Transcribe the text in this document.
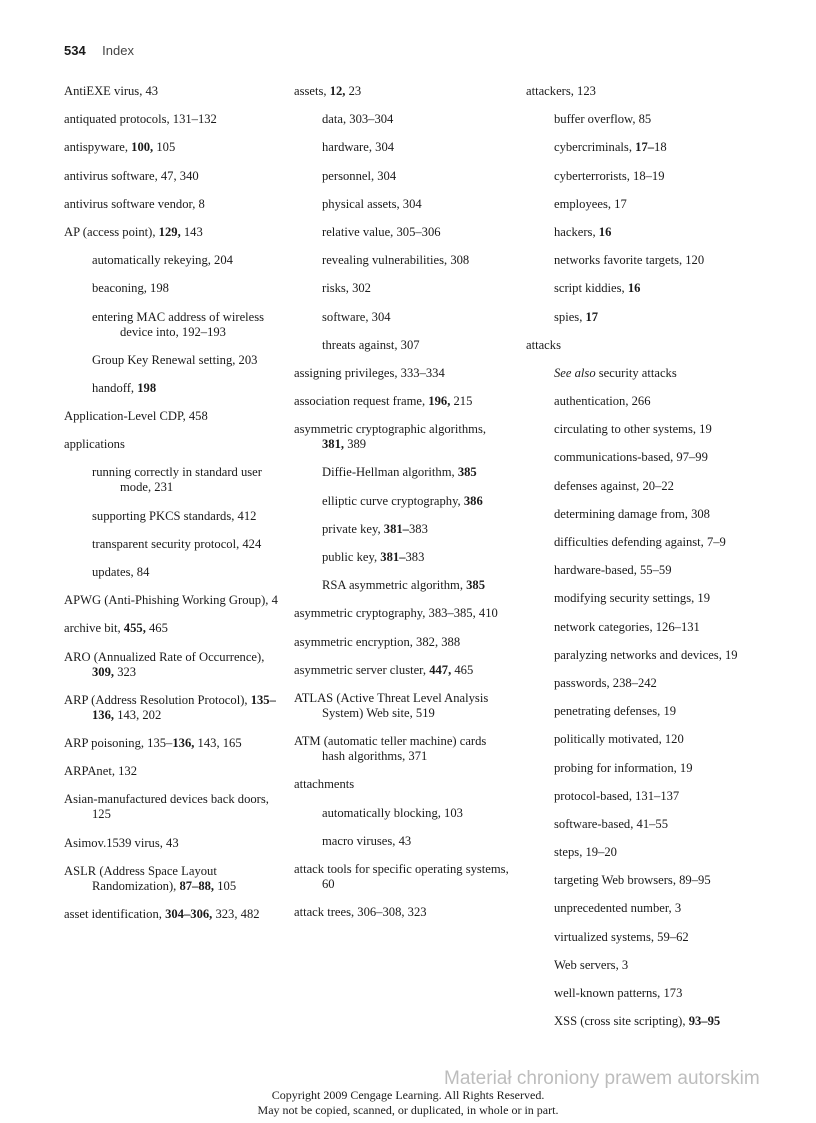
534 Index
AntiEXE virus, 43
antiquated protocols, 131–132
antispyware, 100, 105
antivirus software, 47, 340
antivirus software vendor, 8
AP (access point), 129, 143
automatically rekeying, 204
beaconing, 198
entering MAC address of wireless device into, 192–193
Group Key Renewal setting, 203
handoff, 198
Application-Level CDP, 458
applications
running correctly in standard user mode, 231
supporting PKCS standards, 412
transparent security protocol, 424
updates, 84
APWG (Anti-Phishing Working Group), 4
archive bit, 455, 465
ARO (Annualized Rate of Occurrence), 309, 323
ARP (Address Resolution Protocol), 135–136, 143, 202
ARP poisoning, 135–136, 143, 165
ARPAnet, 132
Asian-manufactured devices back doors, 125
Asimov.1539 virus, 43
ASLR (Address Space Layout Randomization), 87–88, 105
asset identification, 304–306, 323, 482
assets, 12, 23
data, 303–304
hardware, 304
personnel, 304
physical assets, 304
relative value, 305–306
revealing vulnerabilities, 308
risks, 302
software, 304
threats against, 307
assigning privileges, 333–334
association request frame, 196, 215
asymmetric cryptographic algorithms, 381, 389
Diffie-Hellman algorithm, 385
elliptic curve cryptography, 386
private key, 381–383
public key, 381–383
RSA asymmetric algorithm, 385
asymmetric cryptography, 383–385, 410
asymmetric encryption, 382, 388
asymmetric server cluster, 447, 465
ATLAS (Active Threat Level Analysis System) Web site, 519
ATM (automatic teller machine) cards hash algorithms, 371
attachments
automatically blocking, 103
macro viruses, 43
attack tools for specific operating systems, 60
attack trees, 306–308, 323
attackers, 123
buffer overflow, 85
cybercriminals, 17–18
cyberterrorists, 18–19
employees, 17
hackers, 16
networks favorite targets, 120
script kiddies, 16
spies, 17
attacks
See also security attacks
authentication, 266
circulating to other systems, 19
communications-based, 97–99
defenses against, 20–22
determining damage from, 308
difficulties defending against, 7–9
hardware-based, 55–59
modifying security settings, 19
network categories, 126–131
paralyzing networks and devices, 19
passwords, 238–242
penetrating defenses, 19
politically motivated, 120
probing for information, 19
protocol-based, 131–137
software-based, 41–55
steps, 19–20
targeting Web browsers, 89–95
unprecedented number, 3
virtualized systems, 59–62
Web servers, 3
well-known patterns, 173
XSS (cross site scripting), 93–95
Materiał chroniony prawem autorskim
Copyright 2009 Cengage Learning. All Rights Reserved.
May not be copied, scanned, or duplicated, in whole or in part.
